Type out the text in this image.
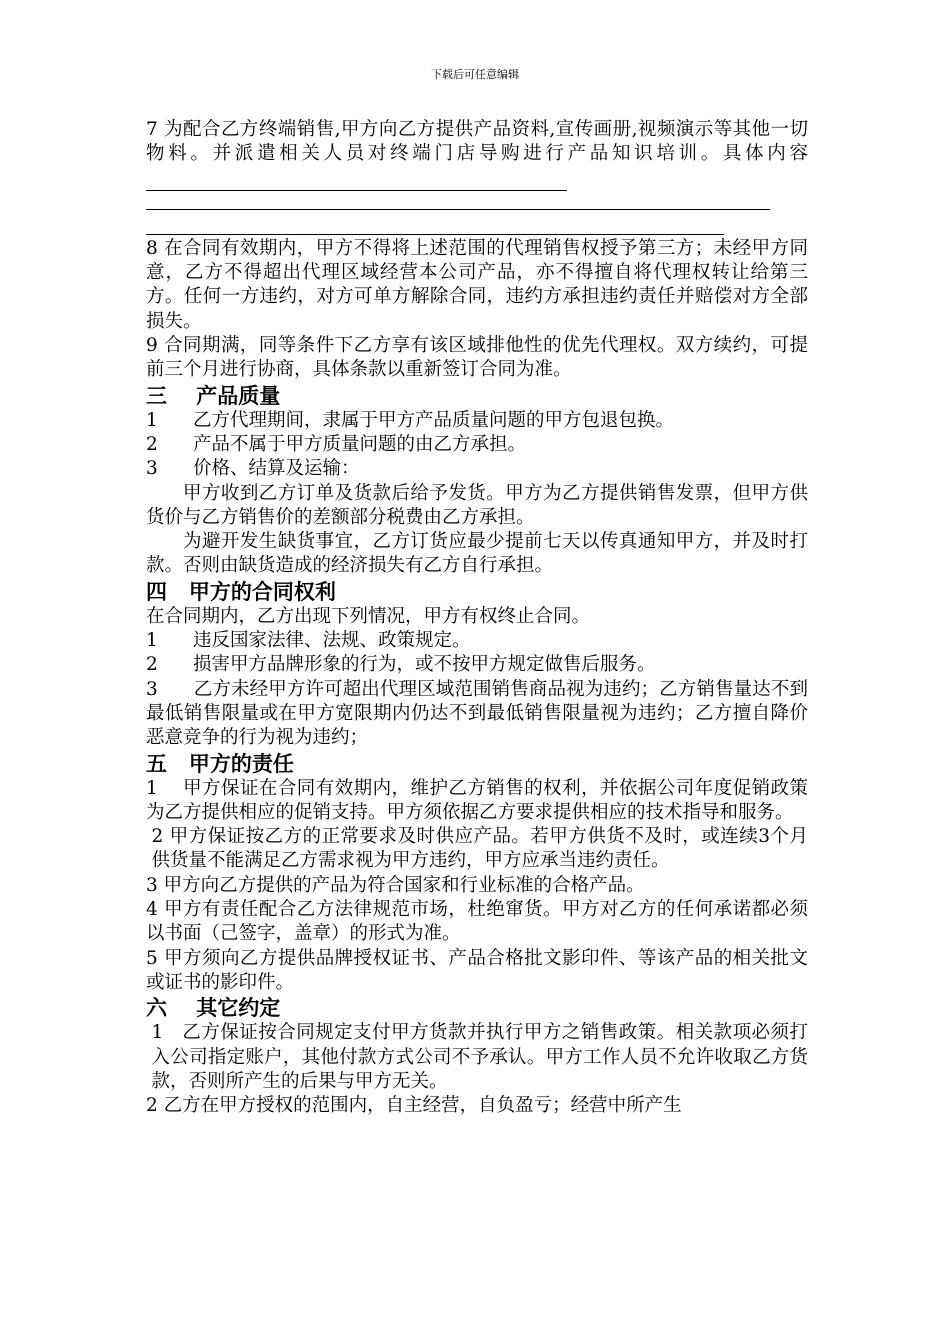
下载后可任意编辑

7 为配合乙方终端销售,甲方向乙方提供产品资料,宣传画册,视频演示等其他一切物料。并派遣相关人员对终端门店导购进行产品知识培训。具体内容

8 在合同有效期内，甲方不得将上述范围的代理销售权授予第三方；未经甲方同意，乙方不得超出代理区域经营本公司产品，亦不得擅自将代理权转让给第三方。任何一方违约，对方可单方解除合同，违约方承担违约责任并赔偿对方全部损失。

9 合同期满，同等条件下乙方享有该区域排他性的优先代理权。双方续约，可提前三个月进行协商，具体条款以重新签订合同为准。

三    产品质量

1      乙方代理期间，隶属于甲方产品质量问题的甲方包退包换。

2      产品不属于甲方质量问题的由乙方承担。

3      价格、结算及运输：

甲方收到乙方订单及货款后给予发货。甲方为乙方提供销售发票，但甲方供货价与乙方销售价的差额部分税费由乙方承担。

为避开发生缺货事宜，乙方订货应最少提前七天以传真通知甲方，并及时打款。否则由缺货造成的经济损失有乙方自行承担。

四   甲方的合同权利

在合同期内，乙方出现下列情况，甲方有权终止合同。

1      违反国家法律、法规、政策规定。

2      损害甲方品牌形象的行为，或不按甲方规定做售后服务。

3      乙方未经甲方许可超出代理区域范围销售商品视为违约；乙方销售量达不到最低销售限量或在甲方宽限期内仍达不到最低销售限量视为违约；乙方擅自降价恶意竞争的行为视为违约；

五   甲方的责任

1    甲方保证在合同有效期内，维护乙方销售的权利，并依据公司年度促销政策为乙方提供相应的促销支持。甲方须依据乙方要求提供相应的技术指导和服务。

2 甲方保证按乙方的正常要求及时供应产品。若甲方供货不及时，或连续3个月供货量不能满足乙方需求视为甲方违约，甲方应承当违约责任。

3 甲方向乙方提供的产品为符合国家和行业标准的合格产品。

4 甲方有责任配合乙方法律规范市场，杜绝窜货。甲方对乙方的任何承诺都必须以书面（己签字，盖章）的形式为准。

5 甲方须向乙方提供品牌授权证书、产品合格批文影印件、等该产品的相关批文或证书的影印件。

六    其它约定

1   乙方保证按合同规定支付甲方货款并执行甲方之销售政策。相关款项必须打入公司指定账户，其他付款方式公司不予承认。甲方工作人员不允许收取乙方货款，否则所产生的后果与甲方无关。

2 乙方在甲方授权的范围内，自主经营，自负盈亏；经营中所产生
